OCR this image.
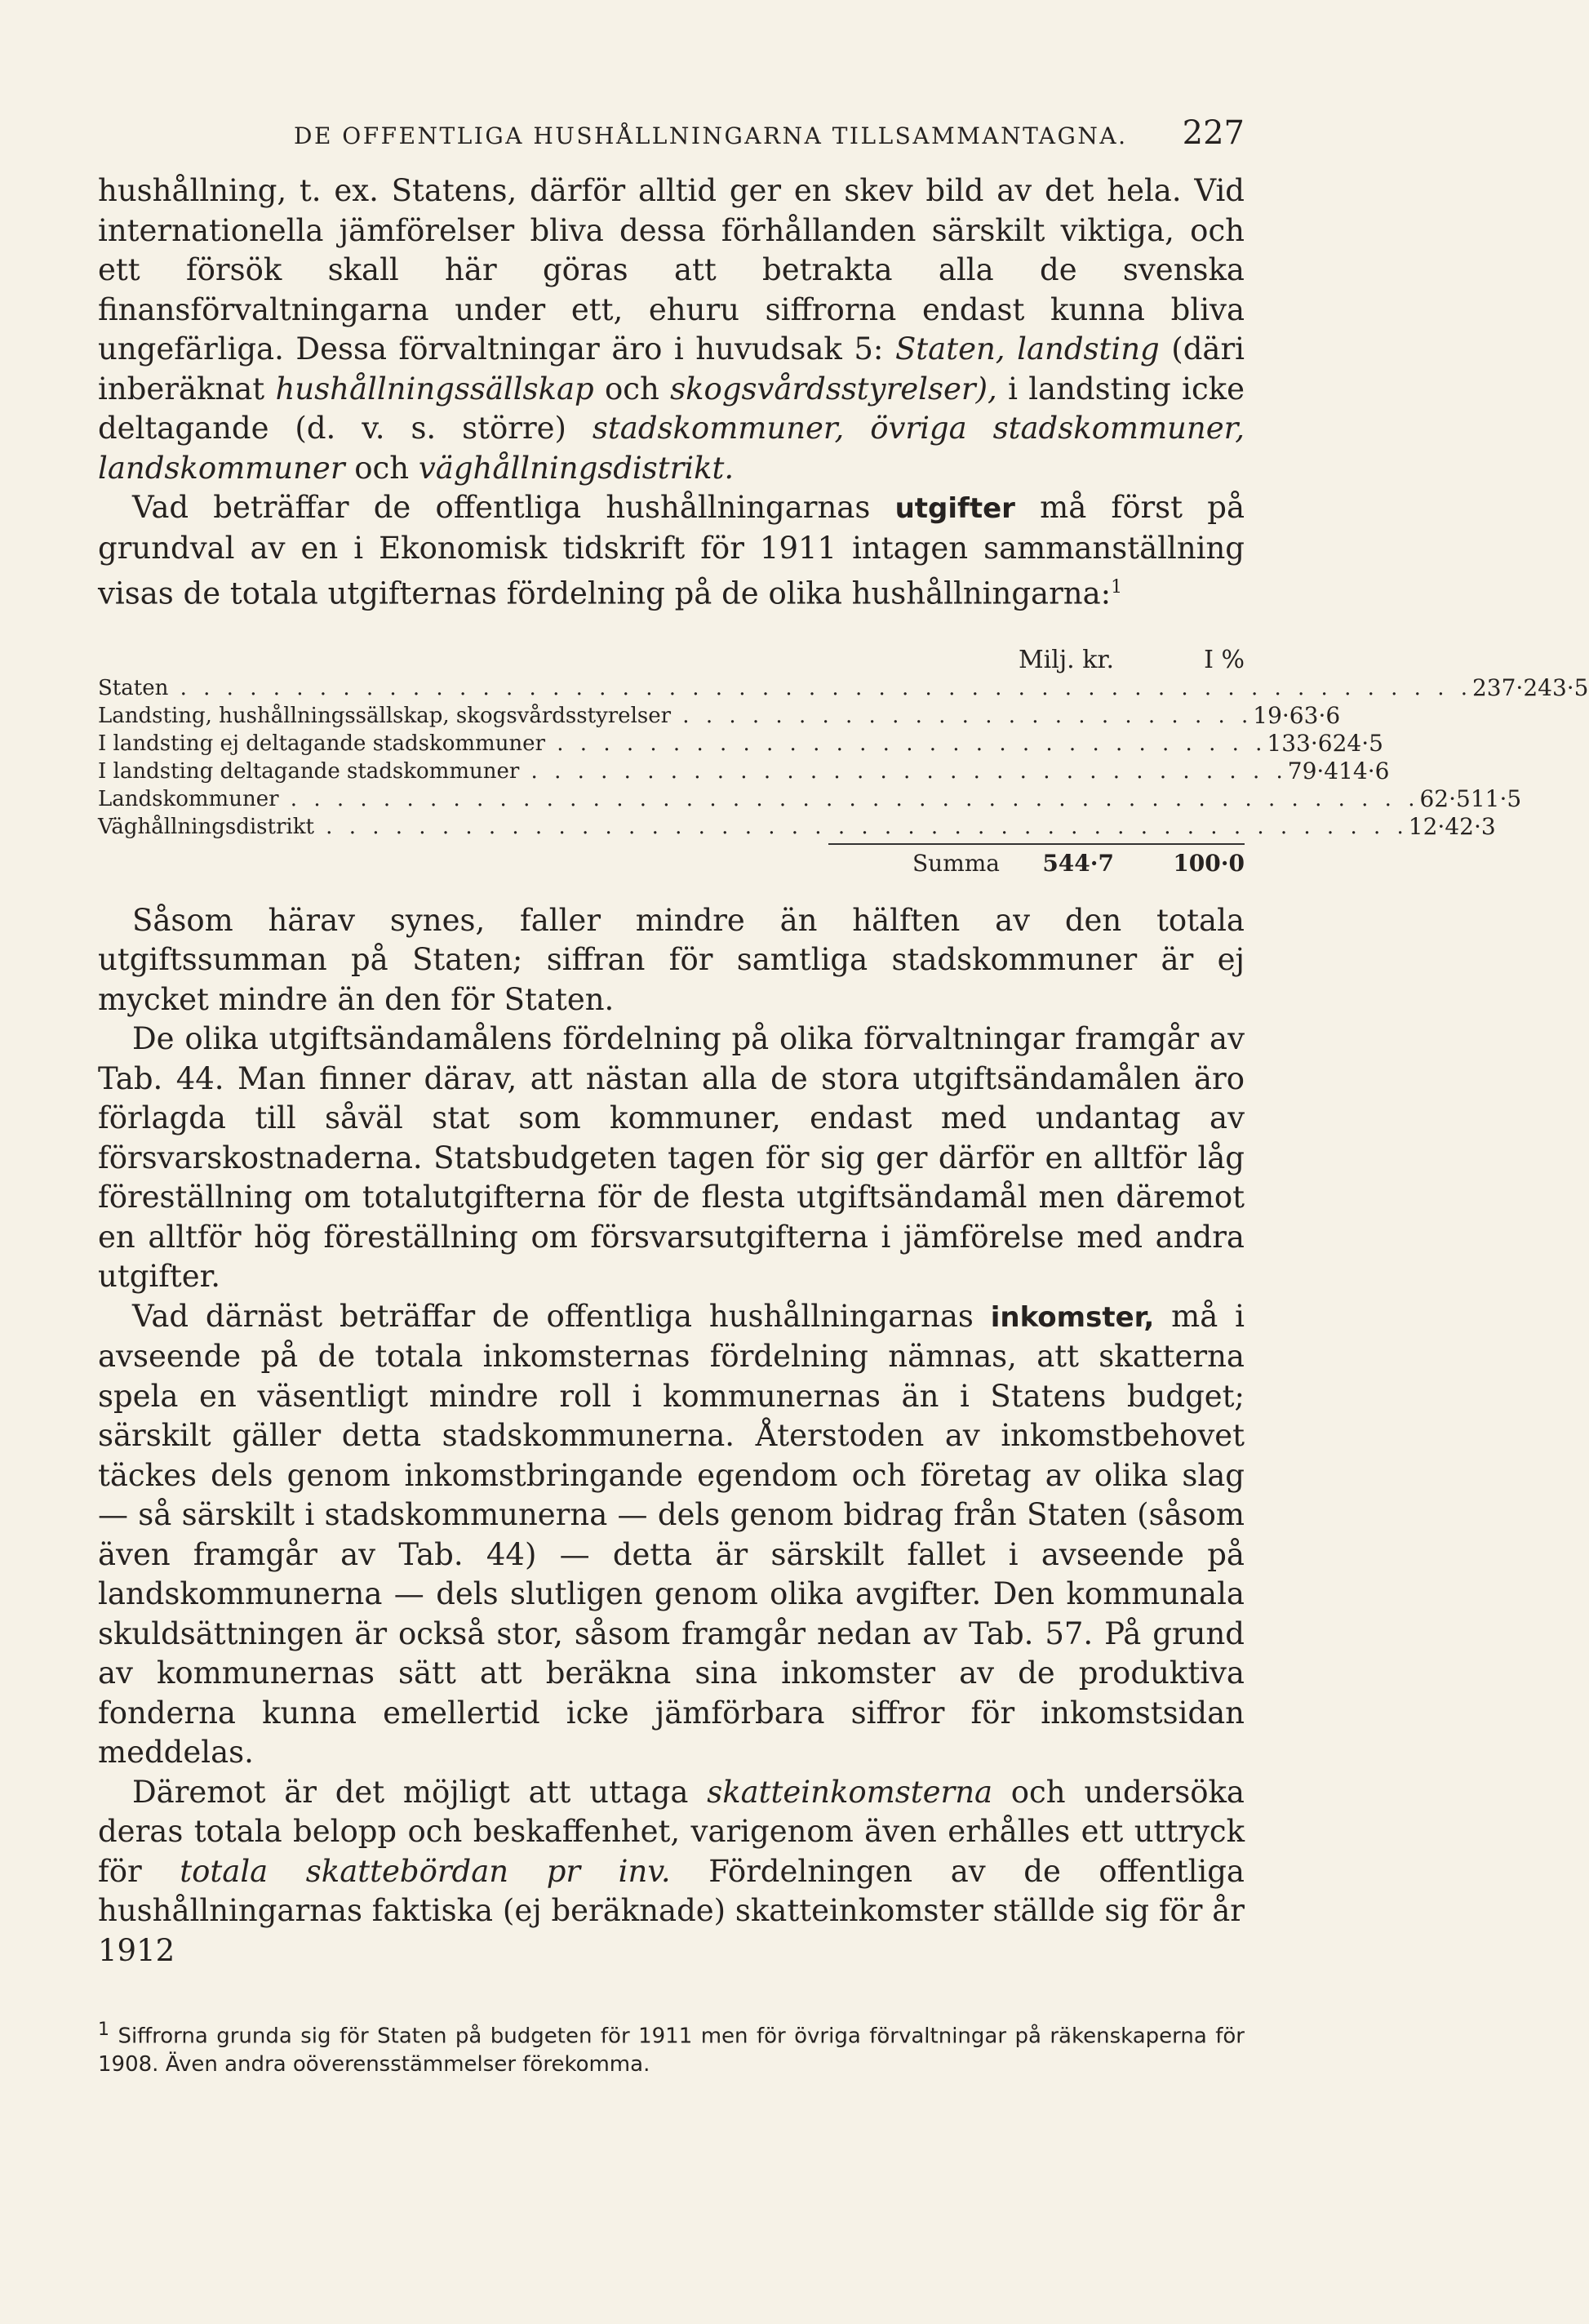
DE OFFENTLIGA HUSHÅLLNINGARNA TILLSAMMANTAGNA. 227

hushållning, t. ex. Statens, därför alltid ger en skev bild av det hela. Vid internationella jämförelser bliva dessa förhållanden särskilt viktiga, och ett försök skall här göras att betrakta alla de svenska finansförvaltningarna under ett, ehuru siffrorna endast kunna bliva ungefärliga. Dessa förvaltningar äro i huvudsak 5: Staten, landsting (däri inberäknat hushållningssällskap och skogsvårdsstyrelser), i landsting icke deltagande (d. v. s. större) stadskommuner, övriga stadskommuner, landskommuner och väghållningsdistrikt.

Vad beträffar de offentliga hushållningarnas utgifter må först på grundval av en i Ekonomisk tidskrift för 1911 intagen sammanställning visas de totala utgifternas fördelning på de olika hushållningarna:$^1$

Milj. kr.	I %
Staten . . . . . . . . . . . . . . . . . . . . . . . . . . . . . . . . . . . . . . . . . . . . . . . . . . . . . . . . 237·2 43·5
Landsting, hushållningssällskap, skogsvårdsstyrelser . . . . . . . . . . . . . . . . . . . . . . . . . 19·6 3·6
I landsting ej deltagande stadskommuner . . . . . . . . . . . . . . . . . . . . . . . . . . . . . . . 133·6 24·5
I landsting deltagande stadskommuner . . . . . . . . . . . . . . . . . . . . . . . . . . . . . . . . . 79·4 14·6
Landskommuner . . . . . . . . . . . . . . . . . . . . . . . . . . . . . . . . . . . . . . . . . . . . . . . . . 62·5 11·5
Väghållningsdistrikt . . . . . . . . . . . . . . . . . . . . . . . . . . . . . . . . . . . . . . . . . . . . . . . 12·4 2·3
Summa	544·7	100·0

Såsom härav synes, faller mindre än hälften av den totala utgiftssumman på Staten; siffran för samtliga stadskommuner är ej mycket mindre än den för Staten.

De olika utgiftsändamålens fördelning på olika förvaltningar framgår av Tab. 44. Man finner därav, att nästan alla de stora utgiftsändamålen äro förlagda till såväl stat som kommuner, endast med undantag av försvarskostnaderna. Statsbudgeten tagen för sig ger därför en alltför låg föreställning om totalutgifterna för de flesta utgiftsändamål men däremot en alltför hög föreställning om försvarsutgifterna i jämförelse med andra utgifter.

Vad därnäst beträffar de offentliga hushållningarnas inkomster, må i avseende på de totala inkomsternas fördelning nämnas, att skatterna spela en väsentligt mindre roll i kommunernas än i Statens budget; särskilt gäller detta stadskommunerna. Återstoden av inkomstbehovet täckes dels genom inkomstbringande egendom och företag av olika slag — så särskilt i stadskommunerna — dels genom bidrag från Staten (såsom även framgår av Tab. 44) — detta är särskilt fallet i avseende på landskommunerna — dels slutligen genom olika avgifter. Den kommunala skuldsättningen är också stor, såsom framgår nedan av Tab. 57. På grund av kommunernas sätt att beräkna sina inkomster av de produktiva fonderna kunna emellertid icke jämförbara siffror för inkomstsidan meddelas.

Däremot är det möjligt att uttaga skatteinkomsterna och undersöka deras totala belopp och beskaffenhet, varigenom även erhålles ett uttryck för totala skattebördan pr inv. Fördelningen av de offentliga hushållningarnas faktiska (ej beräknade) skatteinkomster ställde sig för år 1912

$^1$ Siffrorna grunda sig för Staten på budgeten för 1911 men för övriga förvaltningar på räkenskaperna för 1908. Även andra oöverensstämmelser förekomma.
